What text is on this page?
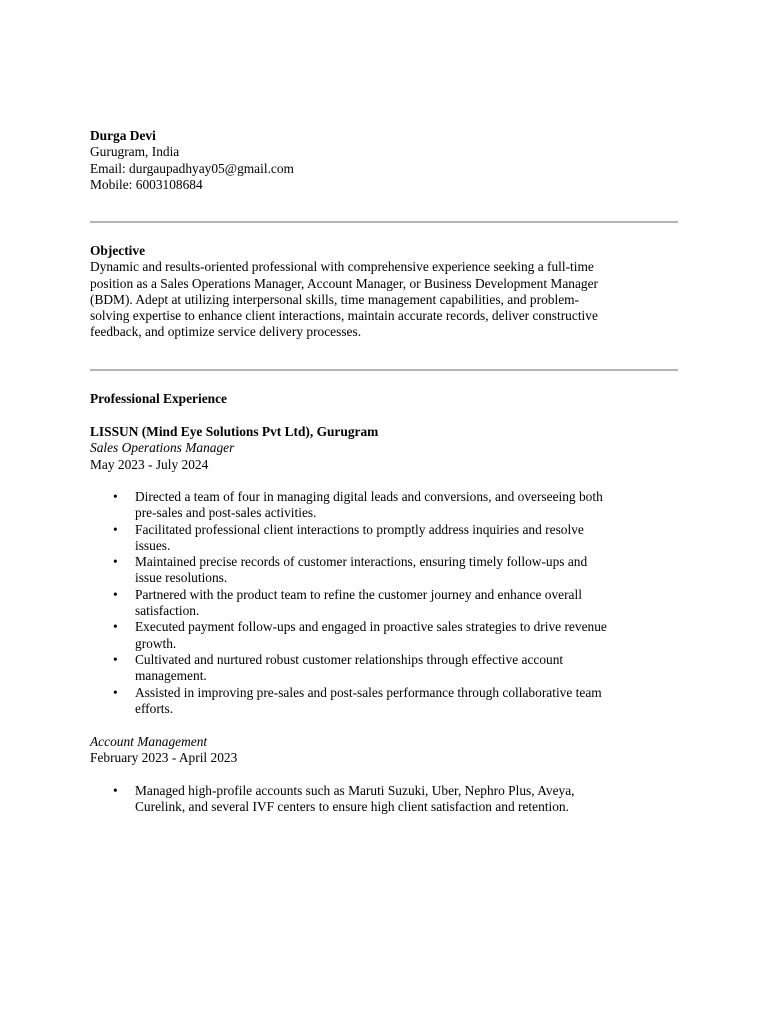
Durga Devi
Gurugram, India
Email: durgaupadhyay05@gmail.com
Mobile: 6003108684
Objective
Dynamic and results-oriented professional with comprehensive experience seeking a full-time
position as a Sales Operations Manager, Account Manager, or Business Development Manager
(BDM). Adept at utilizing interpersonal skills, time management capabilities, and problem-
solving expertise to enhance client interactions, maintain accurate records, deliver constructive
feedback, and optimize service delivery processes.
Professional Experience
LISSUN (Mind Eye Solutions Pvt Ltd), Gurugram
Sales Operations Manager
May 2023 - July 2024
• Directed a team of four in managing digital leads and conversions, and overseeing both
pre-sales and post-sales activities.
• Facilitated professional client interactions to promptly address inquiries and resolve
issues.
• Maintained precise records of customer interactions, ensuring timely follow-ups and
issue resolutions.
• Partnered with the product team to refine the customer journey and enhance overall
satisfaction.
• Executed payment follow-ups and engaged in proactive sales strategies to drive revenue
growth.
• Cultivated and nurtured robust customer relationships through effective account
management.
• Assisted in improving pre-sales and post-sales performance through collaborative team
efforts.
Account Management
February 2023 - April 2023
• Managed high-profile accounts such as Maruti Suzuki, Uber, Nephro Plus, Aveya,
Curelink, and several IVF centers to ensure high client satisfaction and retention.
